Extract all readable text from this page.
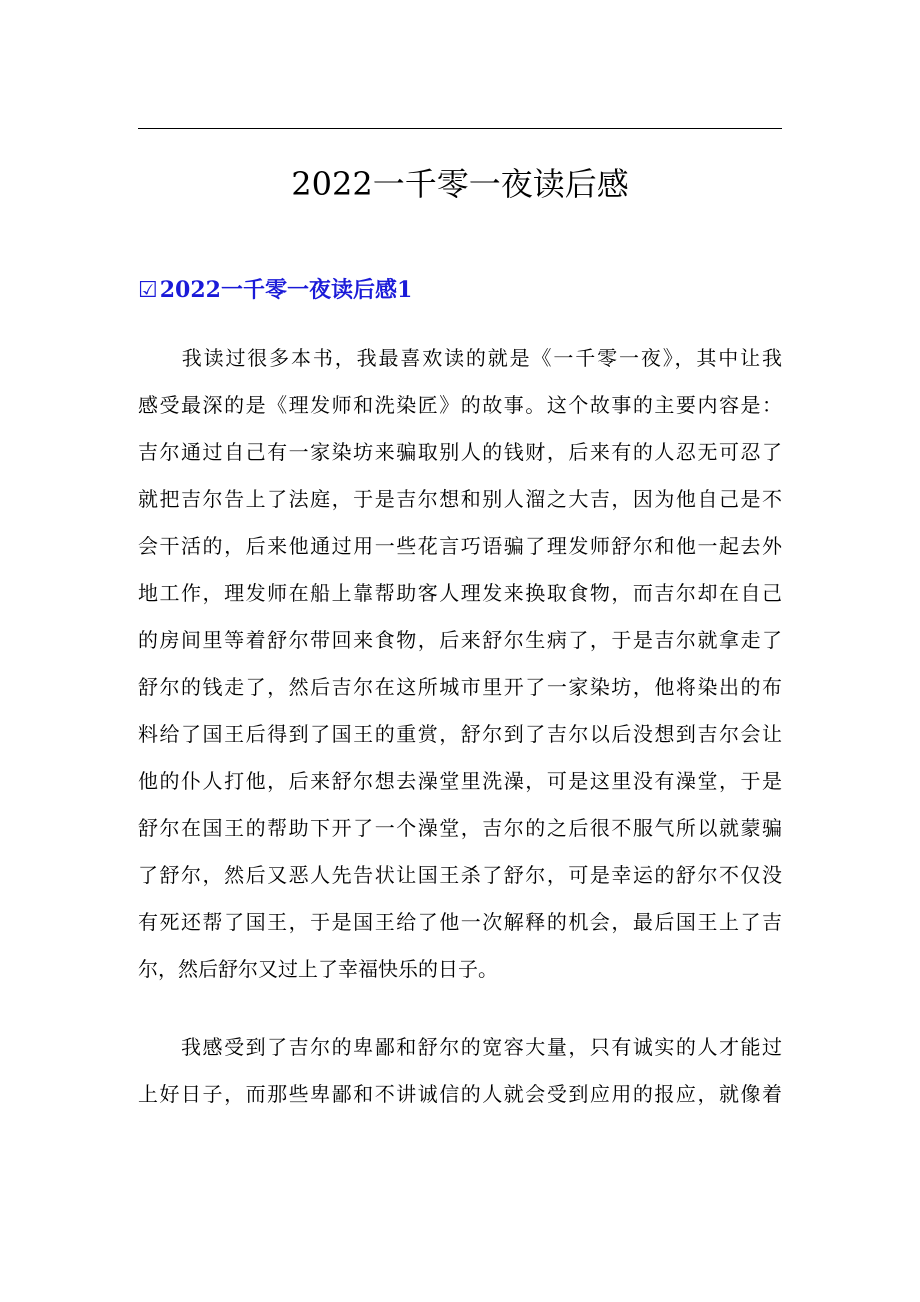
2022一千零一夜读后感
☑2022一千零一夜读后感1
　　我读过很多本书，我最喜欢读的就是《一千零一夜》，其中让我
感受最深的是《理发师和洗染匠》的故事。这个故事的主要内容是：
吉尔通过自己有一家染坊来骗取别人的钱财，后来有的人忍无可忍了
就把吉尔告上了法庭，于是吉尔想和别人溜之大吉，因为他自己是不
会干活的，后来他通过用一些花言巧语骗了理发师舒尔和他一起去外
地工作，理发师在船上靠帮助客人理发来换取食物，而吉尔却在自己
的房间里等着舒尔带回来食物，后来舒尔生病了，于是吉尔就拿走了
舒尔的钱走了，然后吉尔在这所城市里开了一家染坊，他将染出的布
料给了国王后得到了国王的重赏，舒尔到了吉尔以后没想到吉尔会让
他的仆人打他，后来舒尔想去澡堂里洗澡，可是这里没有澡堂，于是
舒尔在国王的帮助下开了一个澡堂，吉尔的之后很不服气所以就蒙骗
了舒尔，然后又恶人先告状让国王杀了舒尔，可是幸运的舒尔不仅没
有死还帮了国王，于是国王给了他一次解释的机会，最后国王上了吉
尔，然后舒尔又过上了幸福快乐的日子。
　　我感受到了吉尔的卑鄙和舒尔的宽容大量，只有诚实的人才能过
上好日子，而那些卑鄙和不讲诚信的人就会受到应用的报应，就像着
